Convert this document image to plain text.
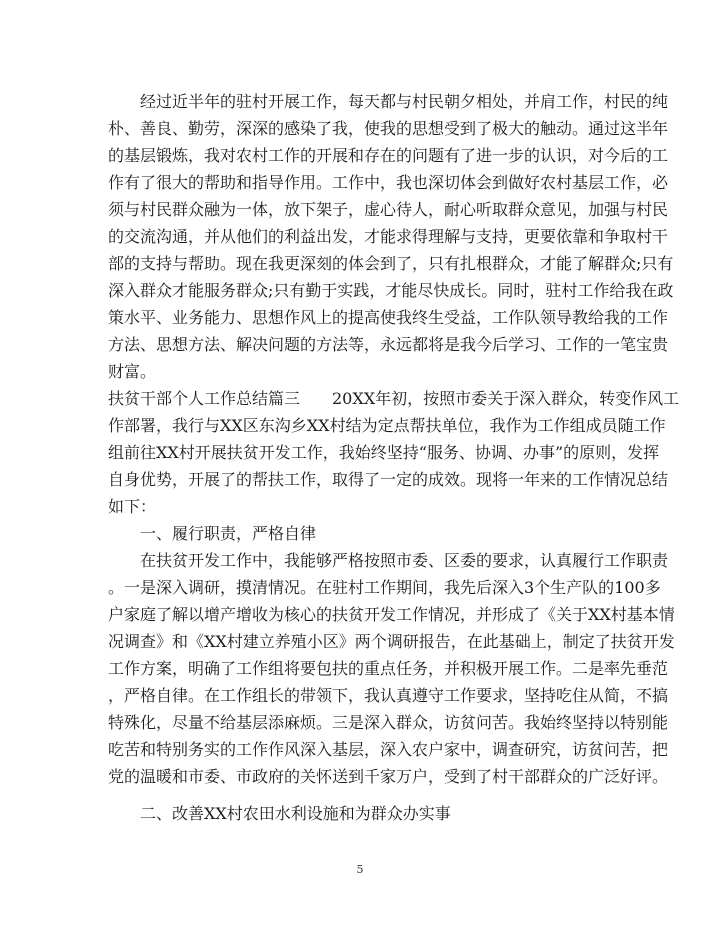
经过近半年的驻村开展工作，每天都与村民朝夕相处，并肩工作，村民的纯
朴、善良、勤劳，深深的感染了我，使我的思想受到了极大的触动。通过这半年
的基层锻炼，我对农村工作的开展和存在的问题有了进一步的认识，对今后的工
作有了很大的帮助和指导作用。工作中，我也深切体会到做好农村基层工作，必
须与村民群众融为一体，放下架子，虚心待人，耐心听取群众意见，加强与村民
的交流沟通，并从他们的利益出发，才能求得理解与支持，更要依靠和争取村干
部的支持与帮助。现在我更深刻的体会到了，只有扎根群众，才能了解群众;只有
深入群众才能服务群众;只有勤于实践，才能尽快成长。同时，驻村工作给我在政
策水平、业务能力、思想作风上的提高使我终生受益，工作队领导教给我的工作
方法、思想方法、解决问题的方法等，永远都将是我今后学习、工作的一笔宝贵
财富。
扶贫干部个人工作总结篇三　　20XX年初，按照市委关于深入群众，转变作风工
作部署，我行与XX区东沟乡XX村结为定点帮扶单位，我作为工作组成员随工作
组前往XX村开展扶贫开发工作，我始终坚持“服务、协调、办事”的原则，发挥
自身优势，开展了的帮扶工作，取得了一定的成效。现将一年来的工作情况总结
如下：
一、履行职责，严格自律
在扶贫开发工作中，我能够严格按照市委、区委的要求，认真履行工作职责
。一是深入调研，摸清情况。在驻村工作期间，我先后深入3个生产队的100多
户家庭了解以增产增收为核心的扶贫开发工作情况，并形成了《关于XX村基本情
况调查》和《XX村建立养殖小区》两个调研报告，在此基础上，制定了扶贫开发
工作方案，明确了工作组将要包扶的重点任务，并积极开展工作。二是率先垂范
，严格自律。在工作组长的带领下，我认真遵守工作要求，坚持吃住从简，不搞
特殊化，尽量不给基层添麻烦。三是深入群众，访贫问苦。我始终坚持以特别能
吃苦和特别务实的工作作风深入基层，深入农户家中，调查研究，访贫问苦，把
党的温暖和市委、市政府的关怀送到千家万户，受到了村干部群众的广泛好评。
二、改善XX村农田水利设施和为群众办实事
5
